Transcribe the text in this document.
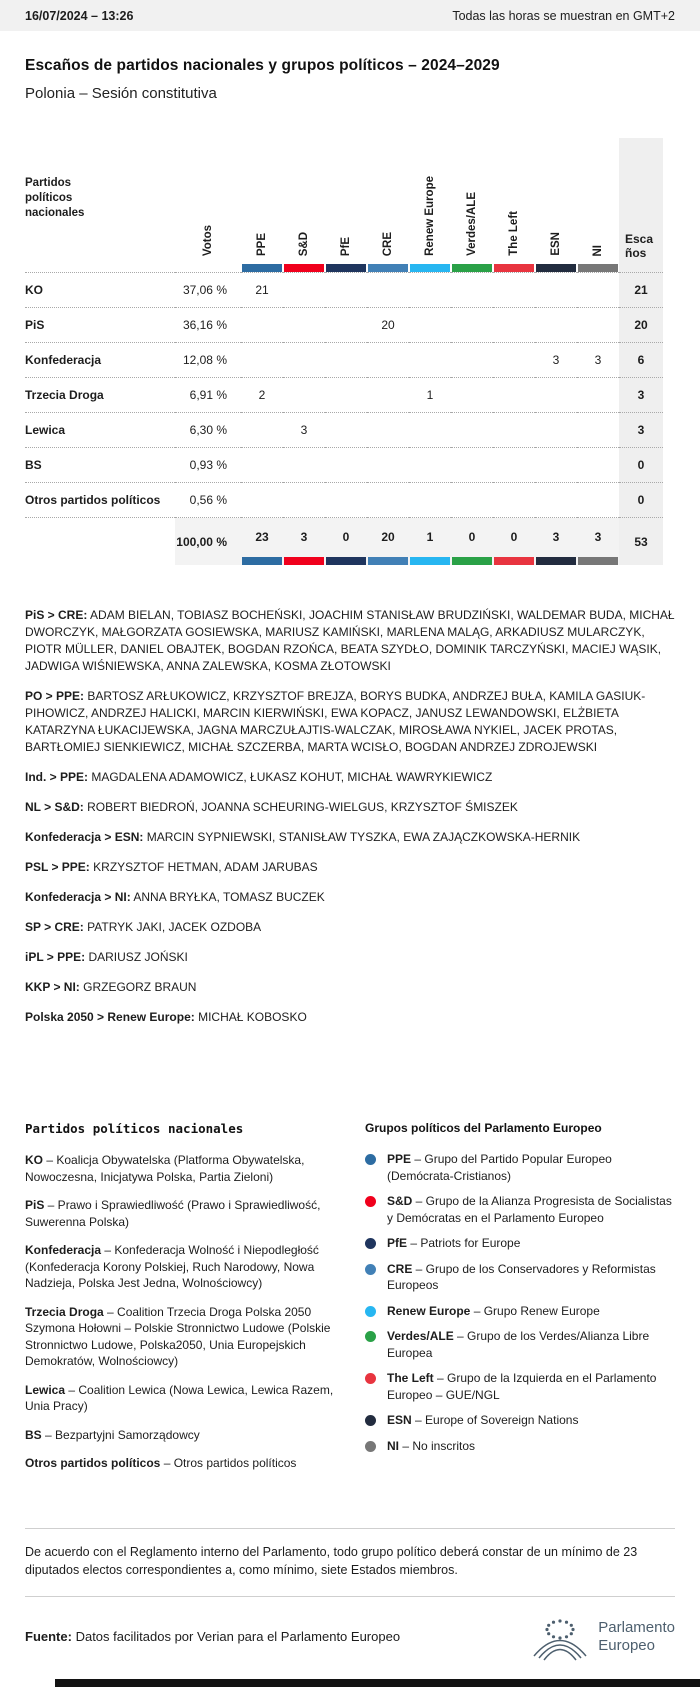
16/07/2024 – 13:26	Todas las horas se muestran en GMT+2
Escaños de partidos nacionales y grupos políticos – 2024–2029
Polonia – Sesión constitutiva
Partidos políticos nacionales	Votos	PPE	S&D	PfE	CRE	Renew Europe	Verdes/ALE	The Left	ESN	NI	Escaños
KO	37,06 %	21									21
PiS	36,16 %				20						20
Konfederacja	12,08 %								3	3	6
Trzecia Droga	6,91 %	2				1					3
Lewica	6,30 %		3								3
BS	0,93 %										0
Otros partidos políticos	0,56 %										0
	100,00 %	23	3	0	20	1	0	0	3	3	53

PiS > CRE: ADAM BIELAN, TOBIASZ BOCHEŃSKI, JOACHIM STANISŁAW BRUDZIŃSKI, WALDEMAR BUDA, MICHAŁ DWORCZYK, MAŁGORZATA GOSIEWSKA, MARIUSZ KAMIŃSKI, MARLENA MALĄG, ARKADIUSZ MULARCZYK, PIOTR MÜLLER, DANIEL OBAJTEK, BOGDAN RZOŃCA, BEATA SZYDŁO, DOMINIK TARCZYŃSKI, MACIEJ WĄSIK, JADWIGA WIŚNIEWSKA, ANNA ZALEWSKA, KOSMA ZŁOTOWSKI

PO > PPE: BARTOSZ ARŁUKOWICZ, KRZYSZTOF BREJZA, BORYS BUDKA, ANDRZEJ BUŁA, KAMILA GASIUK-PIHOWICZ, ANDRZEJ HALICKI, MARCIN KIERWIŃSKI, EWA KOPACZ, JANUSZ LEWANDOWSKI, ELŻBIETA KATARZYNA ŁUKACIJEWSKA, JAGNA MARCZUŁAJTIS-WALCZAK, MIROSŁAWA NYKIEL, JACEK PROTAS, BARTŁOMIEJ SIENKIEWICZ, MICHAŁ SZCZERBA, MARTA WCISŁO, BOGDAN ANDRZEJ ZDROJEWSKI

Ind. > PPE: MAGDALENA ADAMOWICZ, ŁUKASZ KOHUT, MICHAŁ WAWRYKIEWICZ

NL > S&D: ROBERT BIEDROŃ, JOANNA SCHEURING-WIELGUS, KRZYSZTOF ŚMISZEK

Konfederacja > ESN: MARCIN SYPNIEWSKI, STANISŁAW TYSZKA, EWA ZAJĄCZKOWSKA-HERNIK

PSL > PPE: KRZYSZTOF HETMAN, ADAM JARUBAS

Konfederacja > NI: ANNA BRYŁKA, TOMASZ BUCZEK

SP > CRE: PATRYK JAKI, JACEK OZDOBA

iPL > PPE: DARIUSZ JOŃSKI

KKP > NI: GRZEGORZ BRAUN

Polska 2050 > Renew Europe: MICHAŁ KOBOSKO

Partidos políticos nacionales

KO – Koalicja Obywatelska (Platforma Obywatelska, Nowoczesna, Inicjatywa Polska, Partia Zieloni)

PiS – Prawo i Sprawiedliwość (Prawo i Sprawiedliwość, Suwerenna Polska)

Konfederacja – Konfederacja Wolność i Niepodległość (Konfederacja Korony Polskiej, Ruch Narodowy, Nowa Nadzieja, Polska Jest Jedna, Wolnościowcy)

Trzecia Droga – Coalition Trzecia Droga Polska 2050 Szymona Hołowni – Polskie Stronnictwo Ludowe (Polskie Stronnictwo Ludowe, Polska2050, Unia Europejskich Demokratów, Wolnościowcy)

Lewica – Coalition Lewica (Nowa Lewica, Lewica Razem, Unia Pracy)

BS – Bezpartyjni Samorządowcy

Otros partidos políticos – Otros partidos políticos

Grupos políticos del Parlamento Europeo
PPE – Grupo del Partido Popular Europeo (Demócrata-Cristianos)
S&D – Grupo de la Alianza Progresista de Socialistas y Demócratas en el Parlamento Europeo
PfE – Patriots for Europe
CRE – Grupo de los Conservadores y Reformistas Europeos
Renew Europe – Grupo Renew Europe
Verdes/ALE – Grupo de los Verdes/Alianza Libre Europea
The Left – Grupo de la Izquierda en el Parlamento Europeo – GUE/NGL
ESN – Europe of Sovereign Nations
NI – No inscritos

De acuerdo con el Reglamento interno del Parlamento, todo grupo político deberá constar de un mínimo de 23 diputados electos correspondientes a, como mínimo, siete Estados miembros.

Fuente: Datos facilitados por Verian para el Parlamento Europeo

Parlamento
Europeo
